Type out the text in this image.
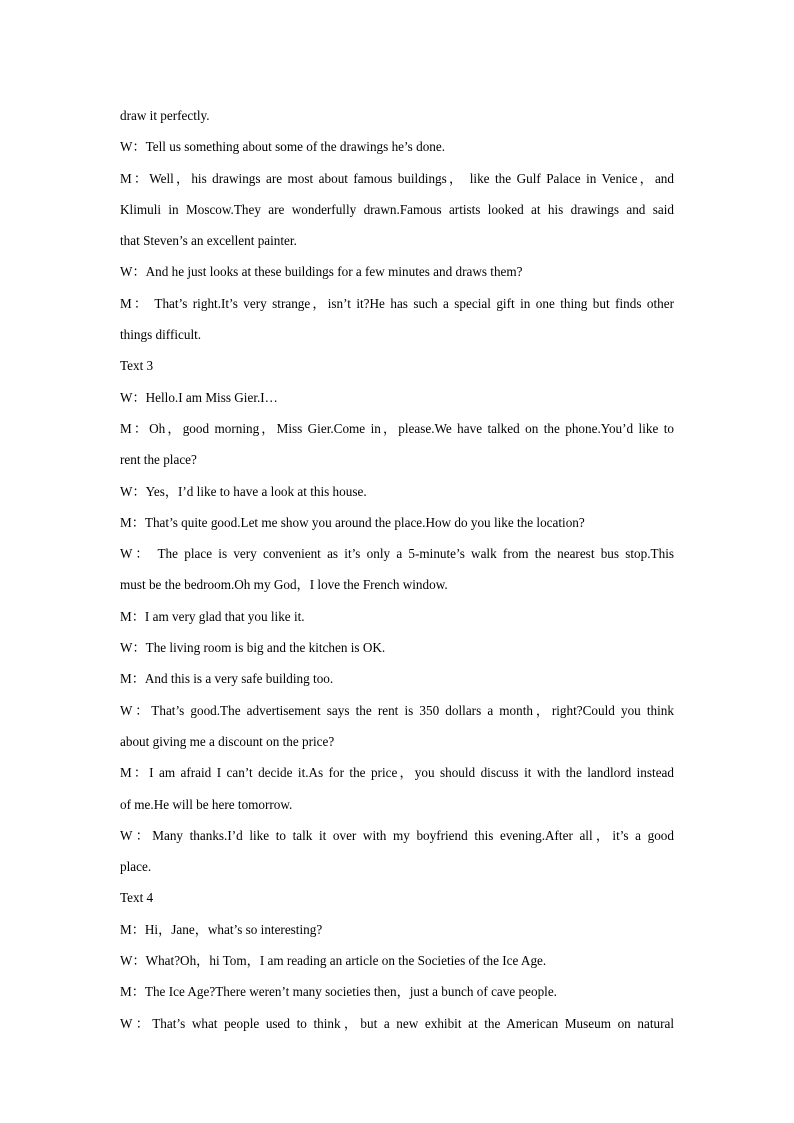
draw it perfectly.
W：Tell us something about some of the drawings he’s done.
M：Well，his drawings are most about famous buildings， like the Gulf Palace in Venice，and
Klimuli in Moscow.They are wonderfully drawn.Famous artists looked at his drawings and said
that Steven’s an excellent painter.
W：And he just looks at these buildings for a few minutes and draws them?
M： That’s right.It’s very strange，isn’t it?He has such a special gift in one thing but finds other
things difficult.
Text 3
W：Hello.I am Miss Gier.I…
M：Oh，good morning，Miss Gier.Come in，please.We have talked on the phone.You’d like to
rent the place?
W：Yes，I’d like to have a look at this house.
M：That’s quite good.Let me show you around the place.How do you like the location?
W： The place is very convenient as it’s only a 5-minute’s walk from the nearest bus stop.This
must be the bedroom.Oh my God，I love the French window.
M：I am very glad that you like it.
W：The living room is big and the kitchen is OK.
M：And this is a very safe building too.
W：That’s good.The advertisement says the rent is 350 dollars a month，right?Could you think
about giving me a discount on the price?
M：I am afraid I can’t decide it.As for the price，you should discuss it with the landlord instead
of me.He will be here tomorrow.
W：Many thanks.I’d like to talk it over with my boyfriend this evening.After all，it’s a good
place.
Text 4
M：Hi，Jane，what’s so interesting?
W：What?Oh，hi Tom，I am reading an article on the Societies of the Ice Age.
M：The Ice Age?There weren’t many societies then，just a bunch of cave people.
W：That’s what people used to think，but a new exhibit at the American Museum on natural
